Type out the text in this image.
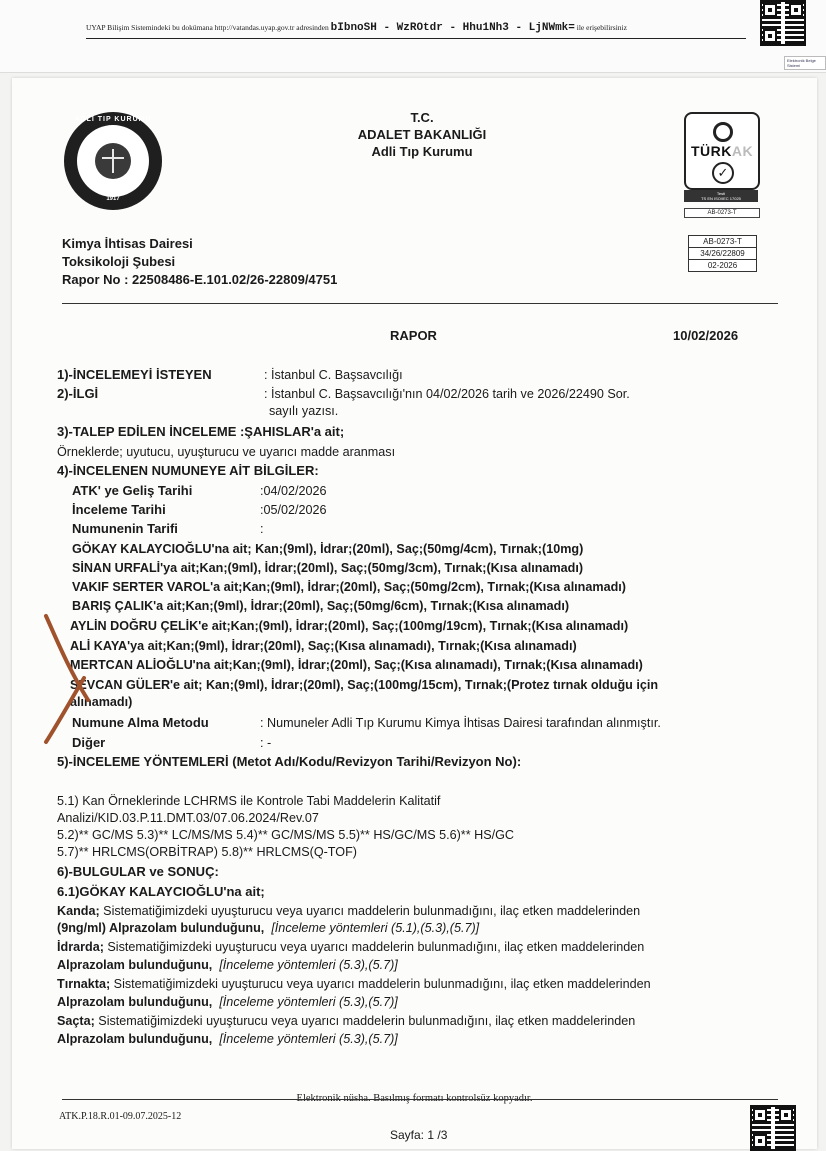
UYAP Bilişim Sistemindeki bu dokümana http://vatandas.uyap.gov.tr adresinden bIbnoSH - WzROtdr - Hhu1Nh3 - LjNWmk= ile erişebilirsiniz
Elektronik Belge Sistemi
ADLİ TIP KURUMU
1917
T.C.
ADALET BAKANLIĞI
Adli Tıp Kurumu	TÜRKAK
✓
Testi
TS EN ISO/IEC 17025
AB-0273-T
AB-0273-T
34/26/22809
02-2026
Kimya İhtisas Dairesi
Toksikoloji Şubesi
Rapor No : 22508486-E.101.02/26-22809/4751
RAPOR	10/02/2026
1)-İNCELEMEYİ İSTEYEN	: İstanbul C. Başsavcılığı
2)-İLGİ	: İstanbul C. Başsavcılığı'nın 04/02/2026 tarih ve 2026/22490 Sor.
sayılı yazısı.
3)-TALEP EDİLEN İNCELEME :ŞAHISLAR'a ait;
Örneklerde; uyutucu, uyuşturucu ve uyarıcı madde aranması
4)-İNCELENEN NUMUNEYE AİT BİLGİLER:
ATK' ye Geliş Tarihi	:04/02/2026
İnceleme Tarihi	:05/02/2026
Numunenin Tarifi	:
GÖKAY KALAYCIOĞLU'na ait; Kan;(9ml), İdrar;(20ml), Saç;(50mg/4cm), Tırnak;(10mg)
SİNAN URFALİ'ya ait;Kan;(9ml), İdrar;(20ml), Saç;(50mg/3cm), Tırnak;(Kısa alınamadı)
VAKIF SERTER VAROL'a ait;Kan;(9ml), İdrar;(20ml), Saç;(50mg/2cm), Tırnak;(Kısa alınamadı)
BARIŞ ÇALIK'a ait;Kan;(9ml), İdrar;(20ml), Saç;(50mg/6cm), Tırnak;(Kısa alınamadı)
AYLİN DOĞRU ÇELİK'e ait;Kan;(9ml), İdrar;(20ml), Saç;(100mg/19cm), Tırnak;(Kısa alınamadı)
ALİ KAYA'ya ait;Kan;(9ml), İdrar;(20ml), Saç;(Kısa alınamadı), Tırnak;(Kısa alınamadı)
MERTCAN ALİOĞLU'na ait;Kan;(9ml), İdrar;(20ml), Saç;(Kısa alınamadı), Tırnak;(Kısa alınamadı)
SEVCAN GÜLER'e ait; Kan;(9ml), İdrar;(20ml), Saç;(100mg/15cm), Tırnak;(Protez tırnak olduğu için
alınamadı)
Numune Alma Metodu	: Numuneler Adli Tıp Kurumu Kimya İhtisas Dairesi tarafından alınmıştır.
Diğer	: -
5)-İNCELEME YÖNTEMLERİ (Metot Adı/Kodu/Revizyon Tarihi/Revizyon No):
5.1) Kan Örneklerinde LCHRMS ile Kontrole Tabi Maddelerin Kalitatif
Analizi/KID.03.P.11.DMT.03/07.06.2024/Rev.07
5.2)** GC/MS 5.3)** LC/MS/MS 5.4)** GC/MS/MS 5.5)** HS/GC/MS 5.6)** HS/GC
5.7)** HRLCMS(ORBİTRAP) 5.8)** HRLCMS(Q-TOF)
6)-BULGULAR ve SONUÇ:
6.1)GÖKAY KALAYCIOĞLU'na ait;
Kanda; Sistematiğimizdeki uyuşturucu veya uyarıcı maddelerin bulunmadığını, ilaç etken maddelerinden
(9ng/ml) Alprazolam bulunduğunu, [İnceleme yöntemleri (5.1),(5.3),(5.7)]
İdrarda; Sistematiğimizdeki uyuşturucu veya uyarıcı maddelerin bulunmadığını, ilaç etken maddelerinden
Alprazolam bulunduğunu, [İnceleme yöntemleri (5.3),(5.7)]
Tırnakta; Sistematiğimizdeki uyuşturucu veya uyarıcı maddelerin bulunmadığını, ilaç etken maddelerinden
Alprazolam bulunduğunu, [İnceleme yöntemleri (5.3),(5.7)]
Saçta; Sistematiğimizdeki uyuşturucu veya uyarıcı maddelerin bulunmadığını, ilaç etken maddelerinden
Alprazolam bulunduğunu, [İnceleme yöntemleri (5.3),(5.7)]
Elektronik nüsha. Basılmış formatı kontrolsüz kopyadır.
ATK.P.18.R.01-09.07.2025-12
Sayfa: 1 /3
